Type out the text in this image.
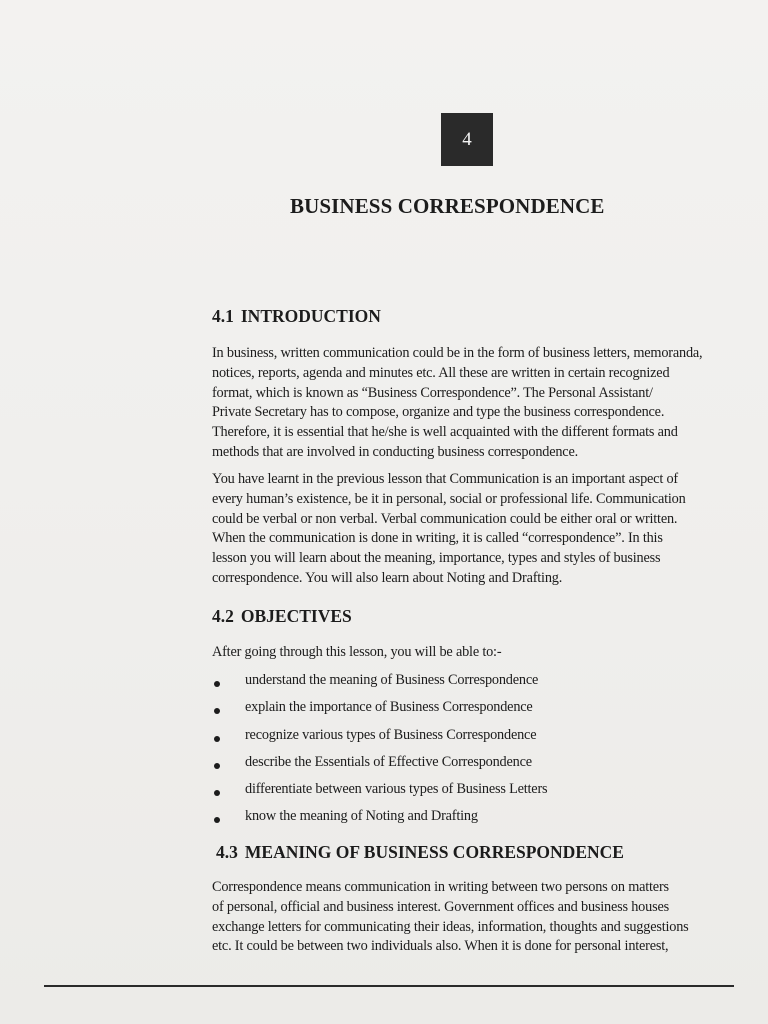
4
BUSINESS CORRESPONDENCE
4.1 INTRODUCTION

In business, written communication could be in the form of business letters, memoranda,
notices, reports, agenda and minutes etc. All these are written in certain recognized
format, which is known as “Business Correspondence”. The Personal Assistant/
Private Secretary has to compose, organize and type the business correspondence.
Therefore, it is essential that he/she is well acquainted with the different formats and
methods that are involved in conducting business correspondence.

You have learnt in the previous lesson that Communication is an important aspect of
every human’s existence, be it in personal, social or professional life. Communication
could be verbal or non verbal. Verbal communication could be either oral or written.
When the communication is done in writing, it is called “correspondence”. In this
lesson you will learn about the meaning, importance, types and styles of business
correspondence. You will also learn about Noting and Drafting.

4.2 OBJECTIVES

After going through this lesson, you will be able to:-

understand the meaning of Business Correspondence
explain the importance of Business Correspondence
recognize various types of Business Correspondence
describe the Essentials of Effective Correspondence
differentiate between various types of Business Letters
know the meaning of Noting and Drafting
4.3 MEANING OF BUSINESS CORRESPONDENCE

Correspondence means communication in writing between two persons on matters
of personal, official and business interest. Government offices and business houses
exchange letters for communicating their ideas, information, thoughts and suggestions
etc. It could be between two individuals also. When it is done for personal interest,
